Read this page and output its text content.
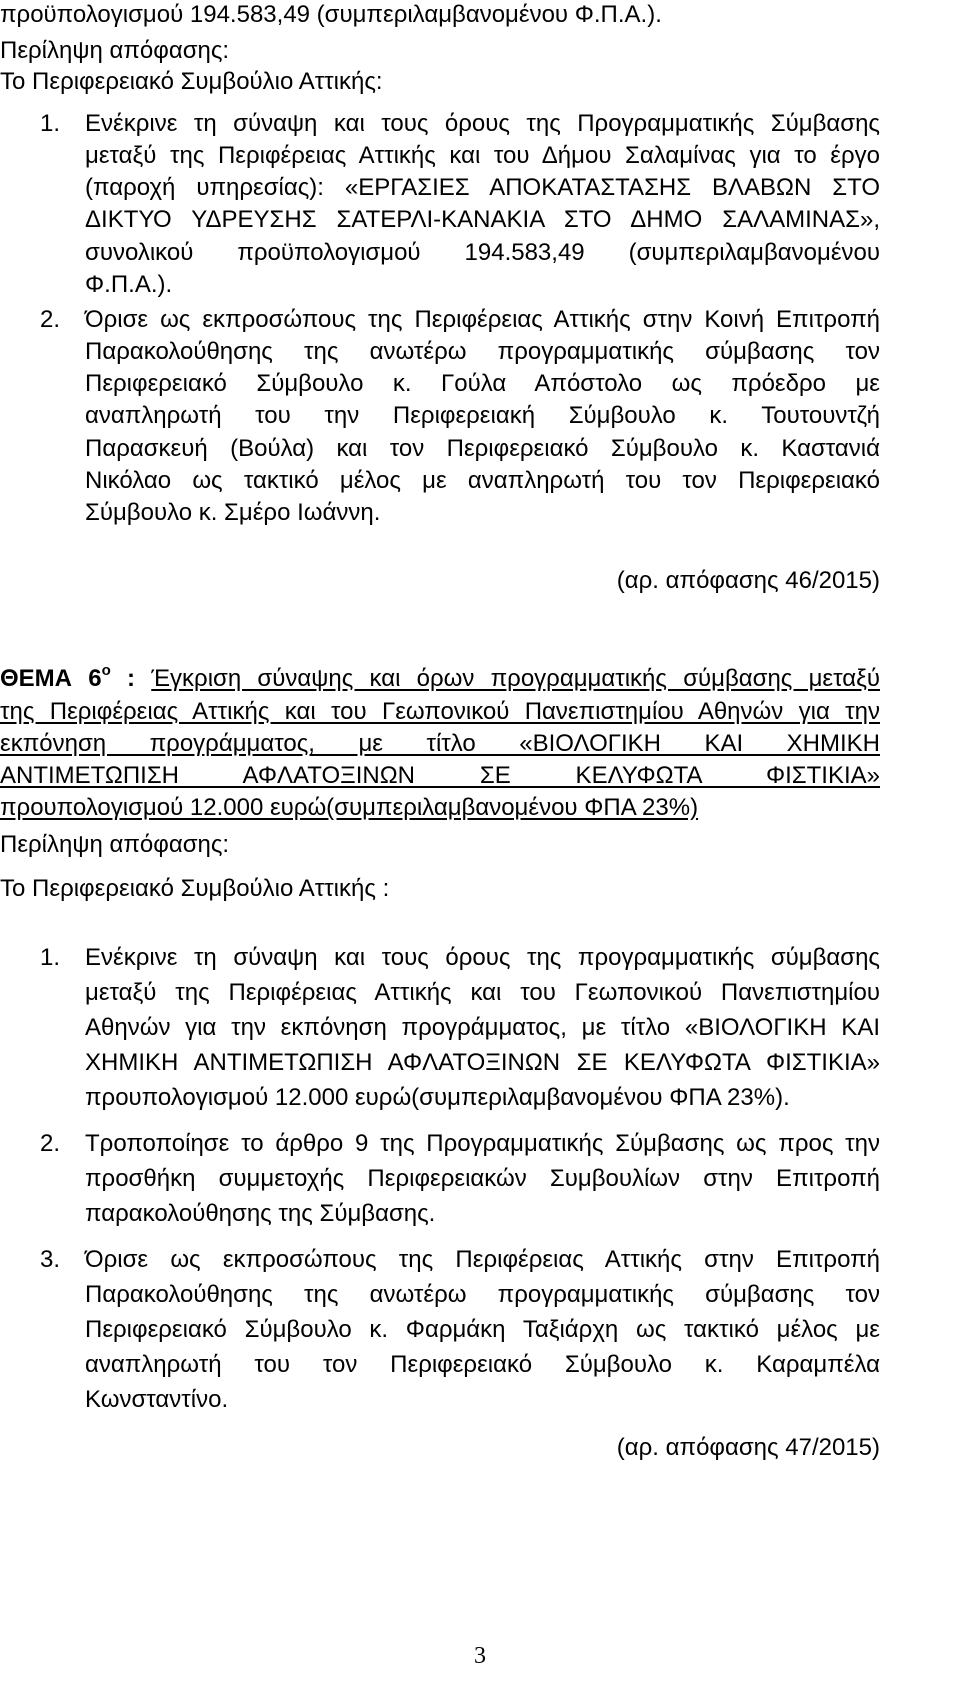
προϋπολογισμού 194.583,49 (συμπεριλαμβανομένου Φ.Π.Α.).
Περίληψη απόφασης:
Το Περιφερειακό Συμβούλιο Αττικής:
1.	Ενέκρινε τη σύναψη και τους όρους της Προγραμματικής Σύμβασης
μεταξύ της Περιφέρειας Αττικής και του Δήμου Σαλαμίνας για το έργο
(παροχή υπηρεσίας): «ΕΡΓΑΣΙΕΣ ΑΠΟΚΑΤΑΣΤΑΣΗΣ ΒΛΑΒΩΝ ΣΤΟ
ΔΙΚΤΥΟ ΥΔΡΕΥΣΗΣ ΣΑΤΕΡΛΙ-ΚΑΝΑΚΙΑ ΣΤΟ ΔΗΜΟ ΣΑΛΑΜΙΝΑΣ»,
συνολικού προϋπολογισμού 194.583,49 (συμπεριλαμβανομένου
Φ.Π.Α.).
2.	Όρισε ως εκπροσώπους της Περιφέρειας Αττικής στην Κοινή Επιτροπή
Παρακολούθησης της ανωτέρω προγραμματικής σύμβασης τον
Περιφερειακό Σύμβουλο κ. Γούλα Απόστολο ως πρόεδρο με
αναπληρωτή του την Περιφερειακή Σύμβουλο κ. Τουτουντζή
Παρασκευή (Βούλα) και τον Περιφερειακό Σύμβουλο κ. Καστανιά
Νικόλαο ως τακτικό μέλος με αναπληρωτή του τον Περιφερειακό
Σύμβουλο κ. Σμέρο Ιωάννη.
(αρ. απόφασης 46/2015)
ΘΕΜΑ $6^o$ : Έγκριση σύναψης και όρων προγραμματικής σύμβασης μεταξύ
της Περιφέρειας Αττικής και του Γεωπονικού Πανεπιστημίου Αθηνών για την
εκπόνηση προγράμματος, με τίτλο «ΒΙΟΛΟΓΙΚΗ ΚΑΙ ΧΗΜΙΚΗ
ΑΝΤΙΜΕΤΩΠΙΣΗ ΑΦΛΑΤΟΞΙΝΩΝ ΣΕ ΚΕΛΥΦΩΤΑ ΦΙΣΤΙΚΙΑ»
προυπολογισμού 12.000 ευρώ(συμπεριλαμβανομένου ΦΠΑ 23%)
Περίληψη απόφασης:
Το Περιφερειακό Συμβούλιο Αττικής :
1.	Ενέκρινε τη σύναψη και τους όρους της προγραμματικής σύμβασης
μεταξύ της Περιφέρειας Αττικής και του Γεωπονικού Πανεπιστημίου
Αθηνών για την εκπόνηση προγράμματος, με τίτλο «ΒΙΟΛΟΓΙΚΗ ΚΑΙ
ΧΗΜΙΚΗ ΑΝΤΙΜΕΤΩΠΙΣΗ ΑΦΛΑΤΟΞΙΝΩΝ ΣΕ ΚΕΛΥΦΩΤΑ ΦΙΣΤΙΚΙΑ»
προυπολογισμού 12.000 ευρώ(συμπεριλαμβανομένου ΦΠΑ 23%).
2.	Τροποποίησε το άρθρο 9 της Προγραμματικής Σύμβασης ως προς την
προσθήκη συμμετοχής Περιφερειακών Συμβουλίων στην Επιτροπή
παρακολούθησης της Σύμβασης.
3.	Όρισε ως εκπροσώπους της Περιφέρειας Αττικής στην Επιτροπή
Παρακολούθησης της ανωτέρω προγραμματικής σύμβασης τον
Περιφερειακό Σύμβουλο κ. Φαρμάκη Ταξιάρχη ως τακτικό μέλος με
αναπληρωτή του τον Περιφερειακό Σύμβουλο κ. Καραμπέλα
Κωνσταντίνο.
(αρ. απόφασης 47/2015)
3
